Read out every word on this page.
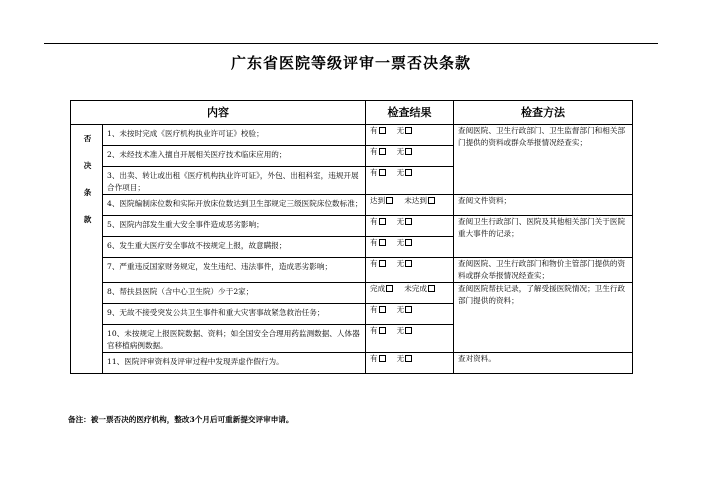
广东省医院等级评审一票否决条款
内容		检查结果	检查方法

否
决
条
款	1、未按时完成《医疗机构执业许可证》校验；	有 无	查阅医院、卫生行政部门、卫生监督部门和相关部门提供的资料或群众举报情况经查实；
	2、未经技术准入擅自开展相关医疗技术临床应用的；	有 无	
	3、出卖、转让或出租《医疗机构执业许可证》，外包、出租科室，违规开展合作项目；	有 无	
	4、医院编制床位数和实际开放床位数达到卫生部规定三级医院床位数标准；	达到 未达到	查阅文件资料；
	5、医院内部发生重大安全事件造成恶劣影响；	有 无	查阅卫生行政部门、医院及其他相关部门关于医院重大事件的记录；
	6、发生重大医疗安全事故不按规定上报，故意瞒报；	有 无	
	7、严重违反国家财务规定，发生违纪、违法事件，造成恶劣影响；	有 无	查阅医院、卫生行政部门和物价主管部门提供的资料或群众举报情况经查实；
	8、帮扶县医院（含中心卫生院）少于2家；	完成 未完成	查阅医院帮扶记录，了解受援医院情况；卫生行政部门提供的资料；
	9、无故不接受突发公共卫生事件和重大灾害事故紧急救治任务；	有 无	
	10、未按规定上报医院数据、资料；如全国安全合理用药监测数据、人体器官移植病例数据。	有 无	
	11、医院评审资料及评审过程中发现弄虚作假行为。	有 无	查对资料。
备注：被一票否决的医疗机构，整改3个月后可重新提交评审申请。
